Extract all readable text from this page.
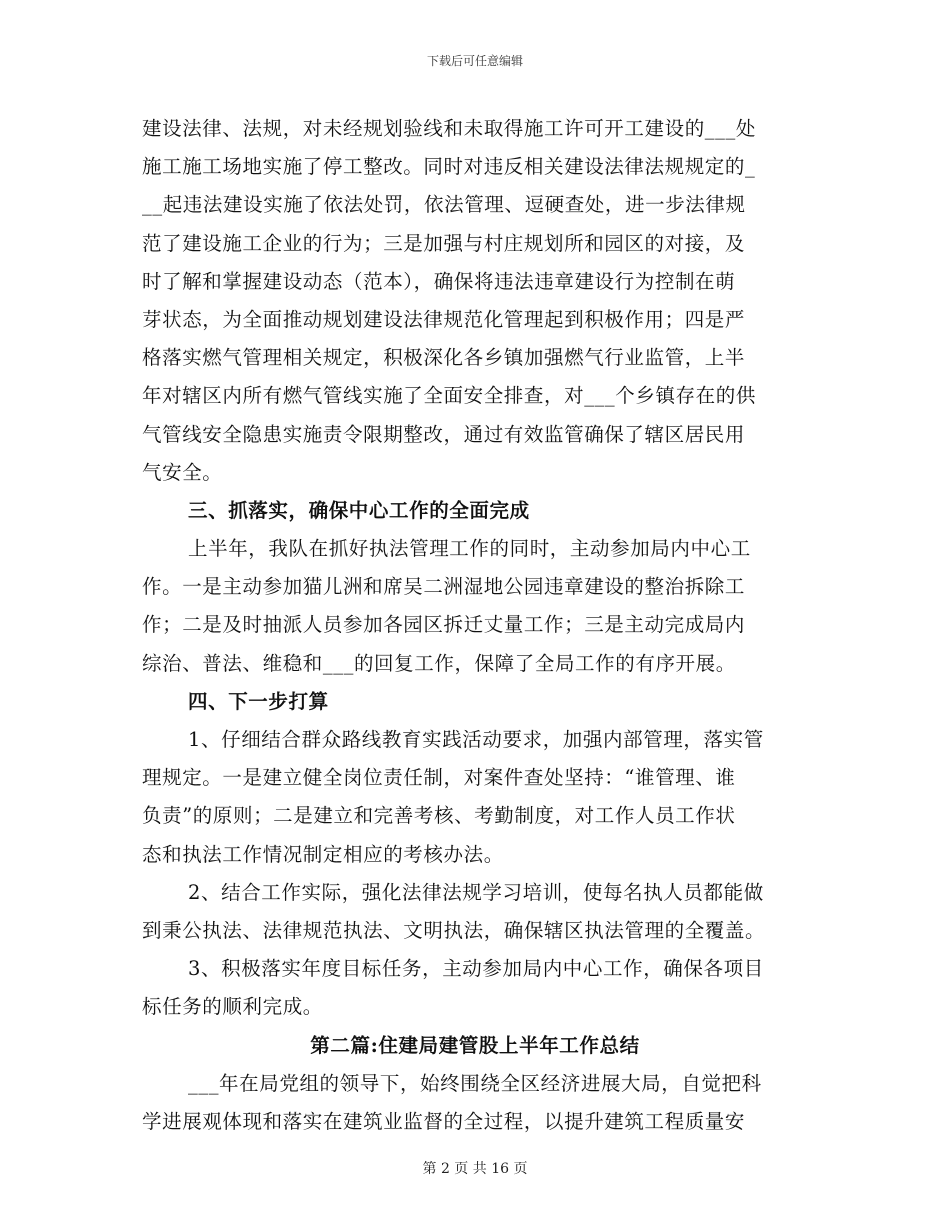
下载后可任意编辑
建设法律、法规，对未经规划验线和未取得施工许可开工建设的___处
施工施工场地实施了停工整改。同时对违反相关建设法律法规规定的_
__起违法建设实施了依法处罚，依法管理、逗硬查处，进一步法律规
范了建设施工企业的行为；三是加强与村庄规划所和园区的对接，及
时了解和掌握建设动态（范本），确保将违法违章建设行为控制在萌
芽状态，为全面推动规划建设法律规范化管理起到积极作用；四是严
格落实燃气管理相关规定，积极深化各乡镇加强燃气行业监管，上半
年对辖区内所有燃气管线实施了全面安全排查，对___个乡镇存在的供
气管线安全隐患实施责令限期整改，通过有效监管确保了辖区居民用
气安全。
三、抓落实，确保中心工作的全面完成
上半年，我队在抓好执法管理工作的同时，主动参加局内中心工
作。一是主动参加猫儿洲和席吴二洲湿地公园违章建设的整治拆除工
作；二是及时抽派人员参加各园区拆迁丈量工作；三是主动完成局内
综治、普法、维稳和___的回复工作，保障了全局工作的有序开展。
四、下一步打算
1、仔细结合群众路线教育实践活动要求，加强内部管理，落实管
理规定。一是建立健全岗位责任制，对案件查处坚持：“谁管理、谁
负责”的原则；二是建立和完善考核、考勤制度，对工作人员工作状
态和执法工作情况制定相应的考核办法。
2、结合工作实际，强化法律法规学习培训，使每名执人员都能做
到秉公执法、法律规范执法、文明执法，确保辖区执法管理的全覆盖。
3、积极落实年度目标任务，主动参加局内中心工作，确保各项目
标任务的顺利完成。
第二篇:住建局建管股上半年工作总结
___年在局党组的领导下，始终围绕全区经济进展大局，自觉把科
学进展观体现和落实在建筑业监督的全过程，以提升建筑工程质量安
第 2 页 共 16 页
